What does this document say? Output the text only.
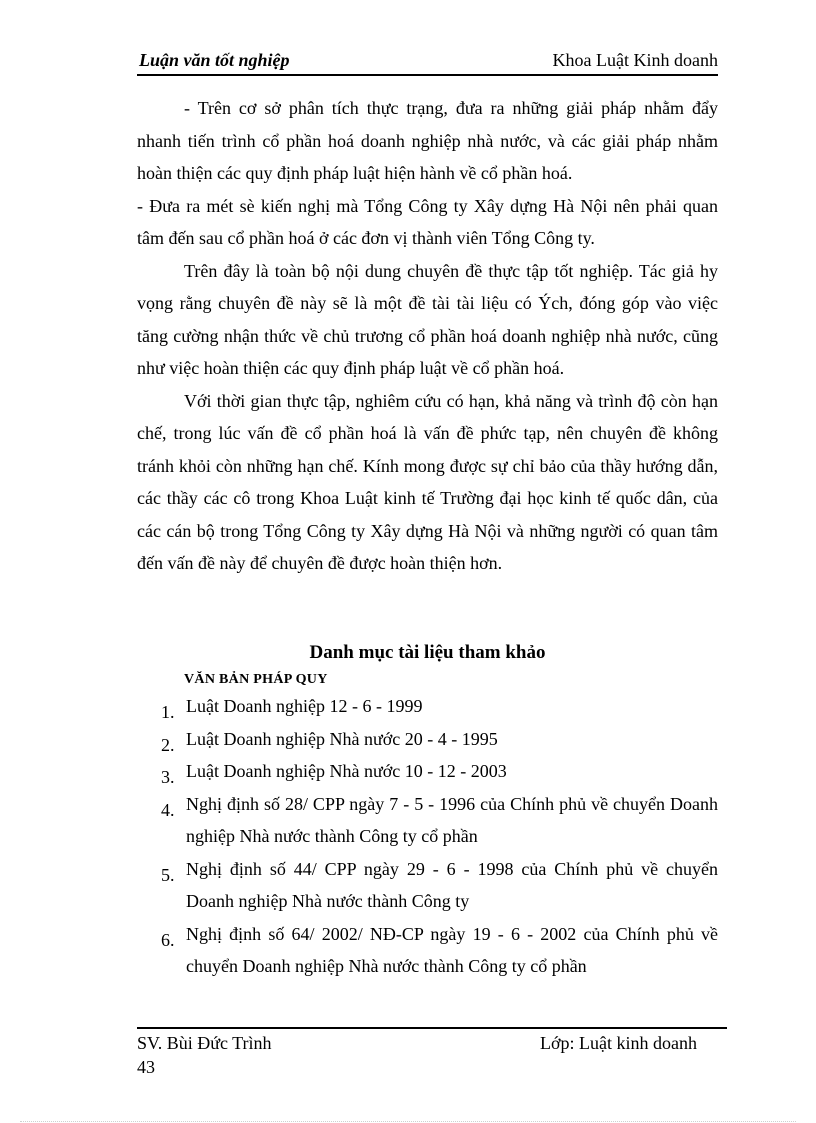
Luận văn tốt nghiệp	Khoa Luật Kinh doanh

- Trên cơ sở phân tích thực trạng, đưa ra những giải pháp nhằm đẩy nhanh tiến trình cổ phần hoá doanh nghiệp nhà nước, và các giải pháp nhằm hoàn thiện các quy định pháp luật hiện hành về cổ phần hoá.

- Đưa ra mét sè kiến nghị mà Tổng Công ty Xây dựng Hà Nội nên phải quan tâm đến sau cổ phần hoá ở các đơn vị thành viên Tổng Công ty.

Trên đây là toàn bộ nội dung chuyên đề thực tập tốt nghiệp. Tác giả hy vọng rằng chuyên đề này sẽ là một đề tài tài liệu có Ých, đóng góp vào việc tăng cường nhận thức về chủ trương cổ phần hoá doanh nghiệp nhà nước, cũng như việc hoàn thiện các quy định pháp luật về cổ phần hoá.

Với thời gian thực tập, nghiêm cứu có hạn, khả năng và trình độ còn hạn chế, trong lúc vấn đề cổ phần hoá là vấn đề phức tạp, nên chuyên đề không tránh khỏi còn những hạn chế. Kính mong được sự chỉ bảo của thầy hướng dẫn, các thầy các cô trong Khoa Luật kinh tế Trường đại học kinh tế quốc dân, của các cán bộ trong Tổng Công ty Xây dựng Hà Nội và những người có quan tâm đến vấn đề này để chuyên đề được hoàn thiện hơn.

Danh mục tài liệu tham khảo
VĂN BẢN PHÁP QUY
1. Luật Doanh nghiệp 12 - 6 - 1999
2. Luật Doanh nghiệp Nhà nước 20 - 4 - 1995
3. Luật Doanh nghiệp Nhà nước 10 - 12 - 2003
4. Nghị định số 28/ CPP ngày 7 - 5 - 1996 của Chính phủ về chuyển Doanh nghiệp Nhà nước thành Công ty cổ phần
5. Nghị định số 44/ CPP ngày 29 - 6 - 1998 của Chính phủ về chuyển Doanh nghiệp Nhà nước thành Công ty
6. Nghị định số 64/ 2002/ NĐ-CP ngày 19 - 6 - 2002 của Chính phủ về chuyển Doanh nghiệp Nhà nước thành Công ty cổ phần
SV. Bùi Đức Trình	Lớp: Luật kinh doanh
43
